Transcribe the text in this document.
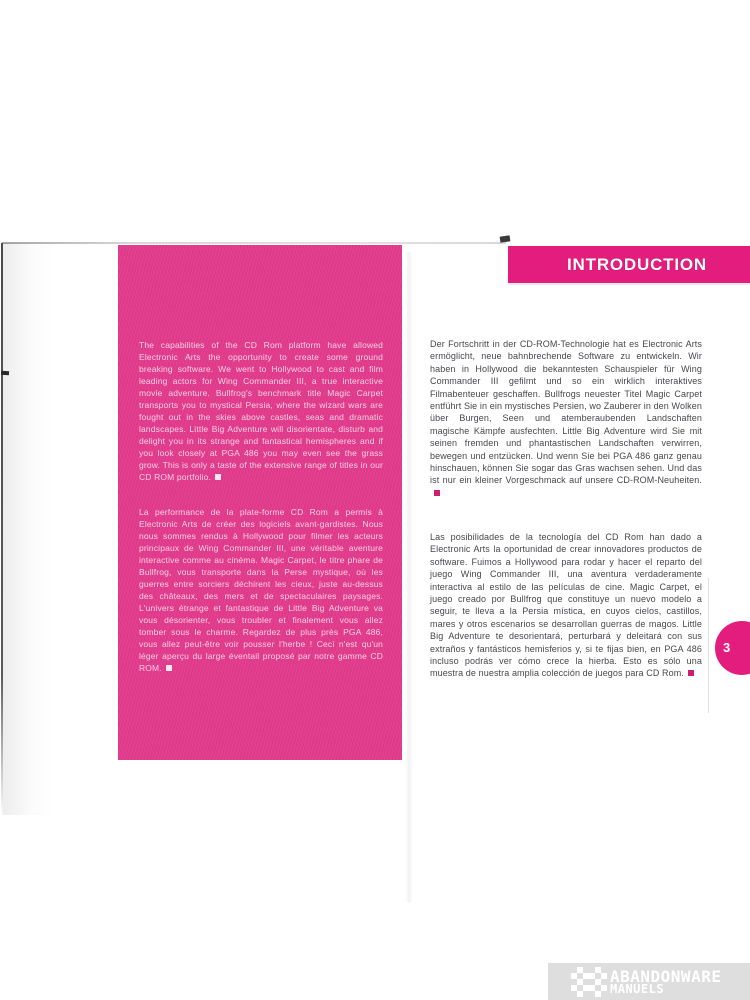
INTRODUCTION

The capabilities of the CD Rom platform have allowed Electronic Arts the opportunity to create some ground breaking software. We went to Hollywood to cast and film leading actors for Wing Commander III, a true interactive movie adventure. Bullfrog's benchmark title Magic Carpet transports you to mystical Persia, where the wizard wars are fought out in the skies above castles, seas and dramatic landscapes. Little Big Adventure will disorientate, disturb and delight you in its strange and fantastical hemispheres and if you look closely at PGA 486 you may even see the grass grow. This is only a taste of the extensive range of titles in our CD ROM portfolio.

La performance de la plate-forme CD Rom a permis à Electronic Arts de créer des logiciels avant-gardistes. Nous nous sommes rendus à Hollywood pour filmer les acteurs principaux de Wing Commander III, une véritable aventure interactive comme au cinéma. Magic Carpet, le titre phare de Bullfrog, vous transporte dans la Perse mystique, où les guerres entre sorciers déchirent les cieux, juste au-dessus des châteaux, des mers et de spectaculaires paysages. L'univers étrange et fantastique de Little Big Adventure va vous désorienter, vous troubler et finalement vous allez tomber sous le charme. Regardez de plus près PGA 486, vous allez peut-être voir pousser l'herbe ! Ceci n'est qu'un léger aperçu du large éventail proposé par notre gamme CD ROM.

Der Fortschritt in der CD-ROM-Technologie hat es Electronic Arts ermöglicht, neue bahnbrechende Software zu entwickeln. Wir haben in Hollywood die bekanntesten Schauspieler für Wing Commander III gefilmt und so ein wirklich interaktives Filmabenteuer geschaffen. Bullfrogs neuester Titel Magic Carpet entführt Sie in ein mystisches Persien, wo Zauberer in den Wolken über Burgen, Seen und atemberaubenden Landschaften magische Kämpfe ausfechten. Little Big Adventure wird Sie mit seinen fremden und phantastischen Landschaften verwirren, bewegen und entzücken. Und wenn Sie bei PGA 486 ganz genau hinschauen, können Sie sogar das Gras wachsen sehen. Und das ist nur ein kleiner Vorgeschmack auf unsere CD-ROM-Neuheiten.

Las posibilidades de la tecnología del CD Rom han dado a Electronic Arts la oportunidad de crear innovadores productos de software. Fuimos a Hollywood para rodar y hacer el reparto del juego Wing Commander III, una aventura verdaderamente interactiva al estilo de las películas de cine. Magic Carpet, el juego creado por Bullfrog que constituye un nuevo modelo a seguir, te lleva a la Persia mística, en cuyos cielos, castillos, mares y otros escenarios se desarrollan guerras de magos. Little Big Adventure te desorientará, perturbará y deleitará con sus extraños y fantásticos hemisferios y, si te fijas bien, en PGA 486 incluso podrás ver cómo crece la hierba. Esto es sólo una muestra de nuestra amplia colección de juegos para CD Rom.

3
ABANDONWARE
MANUELS
